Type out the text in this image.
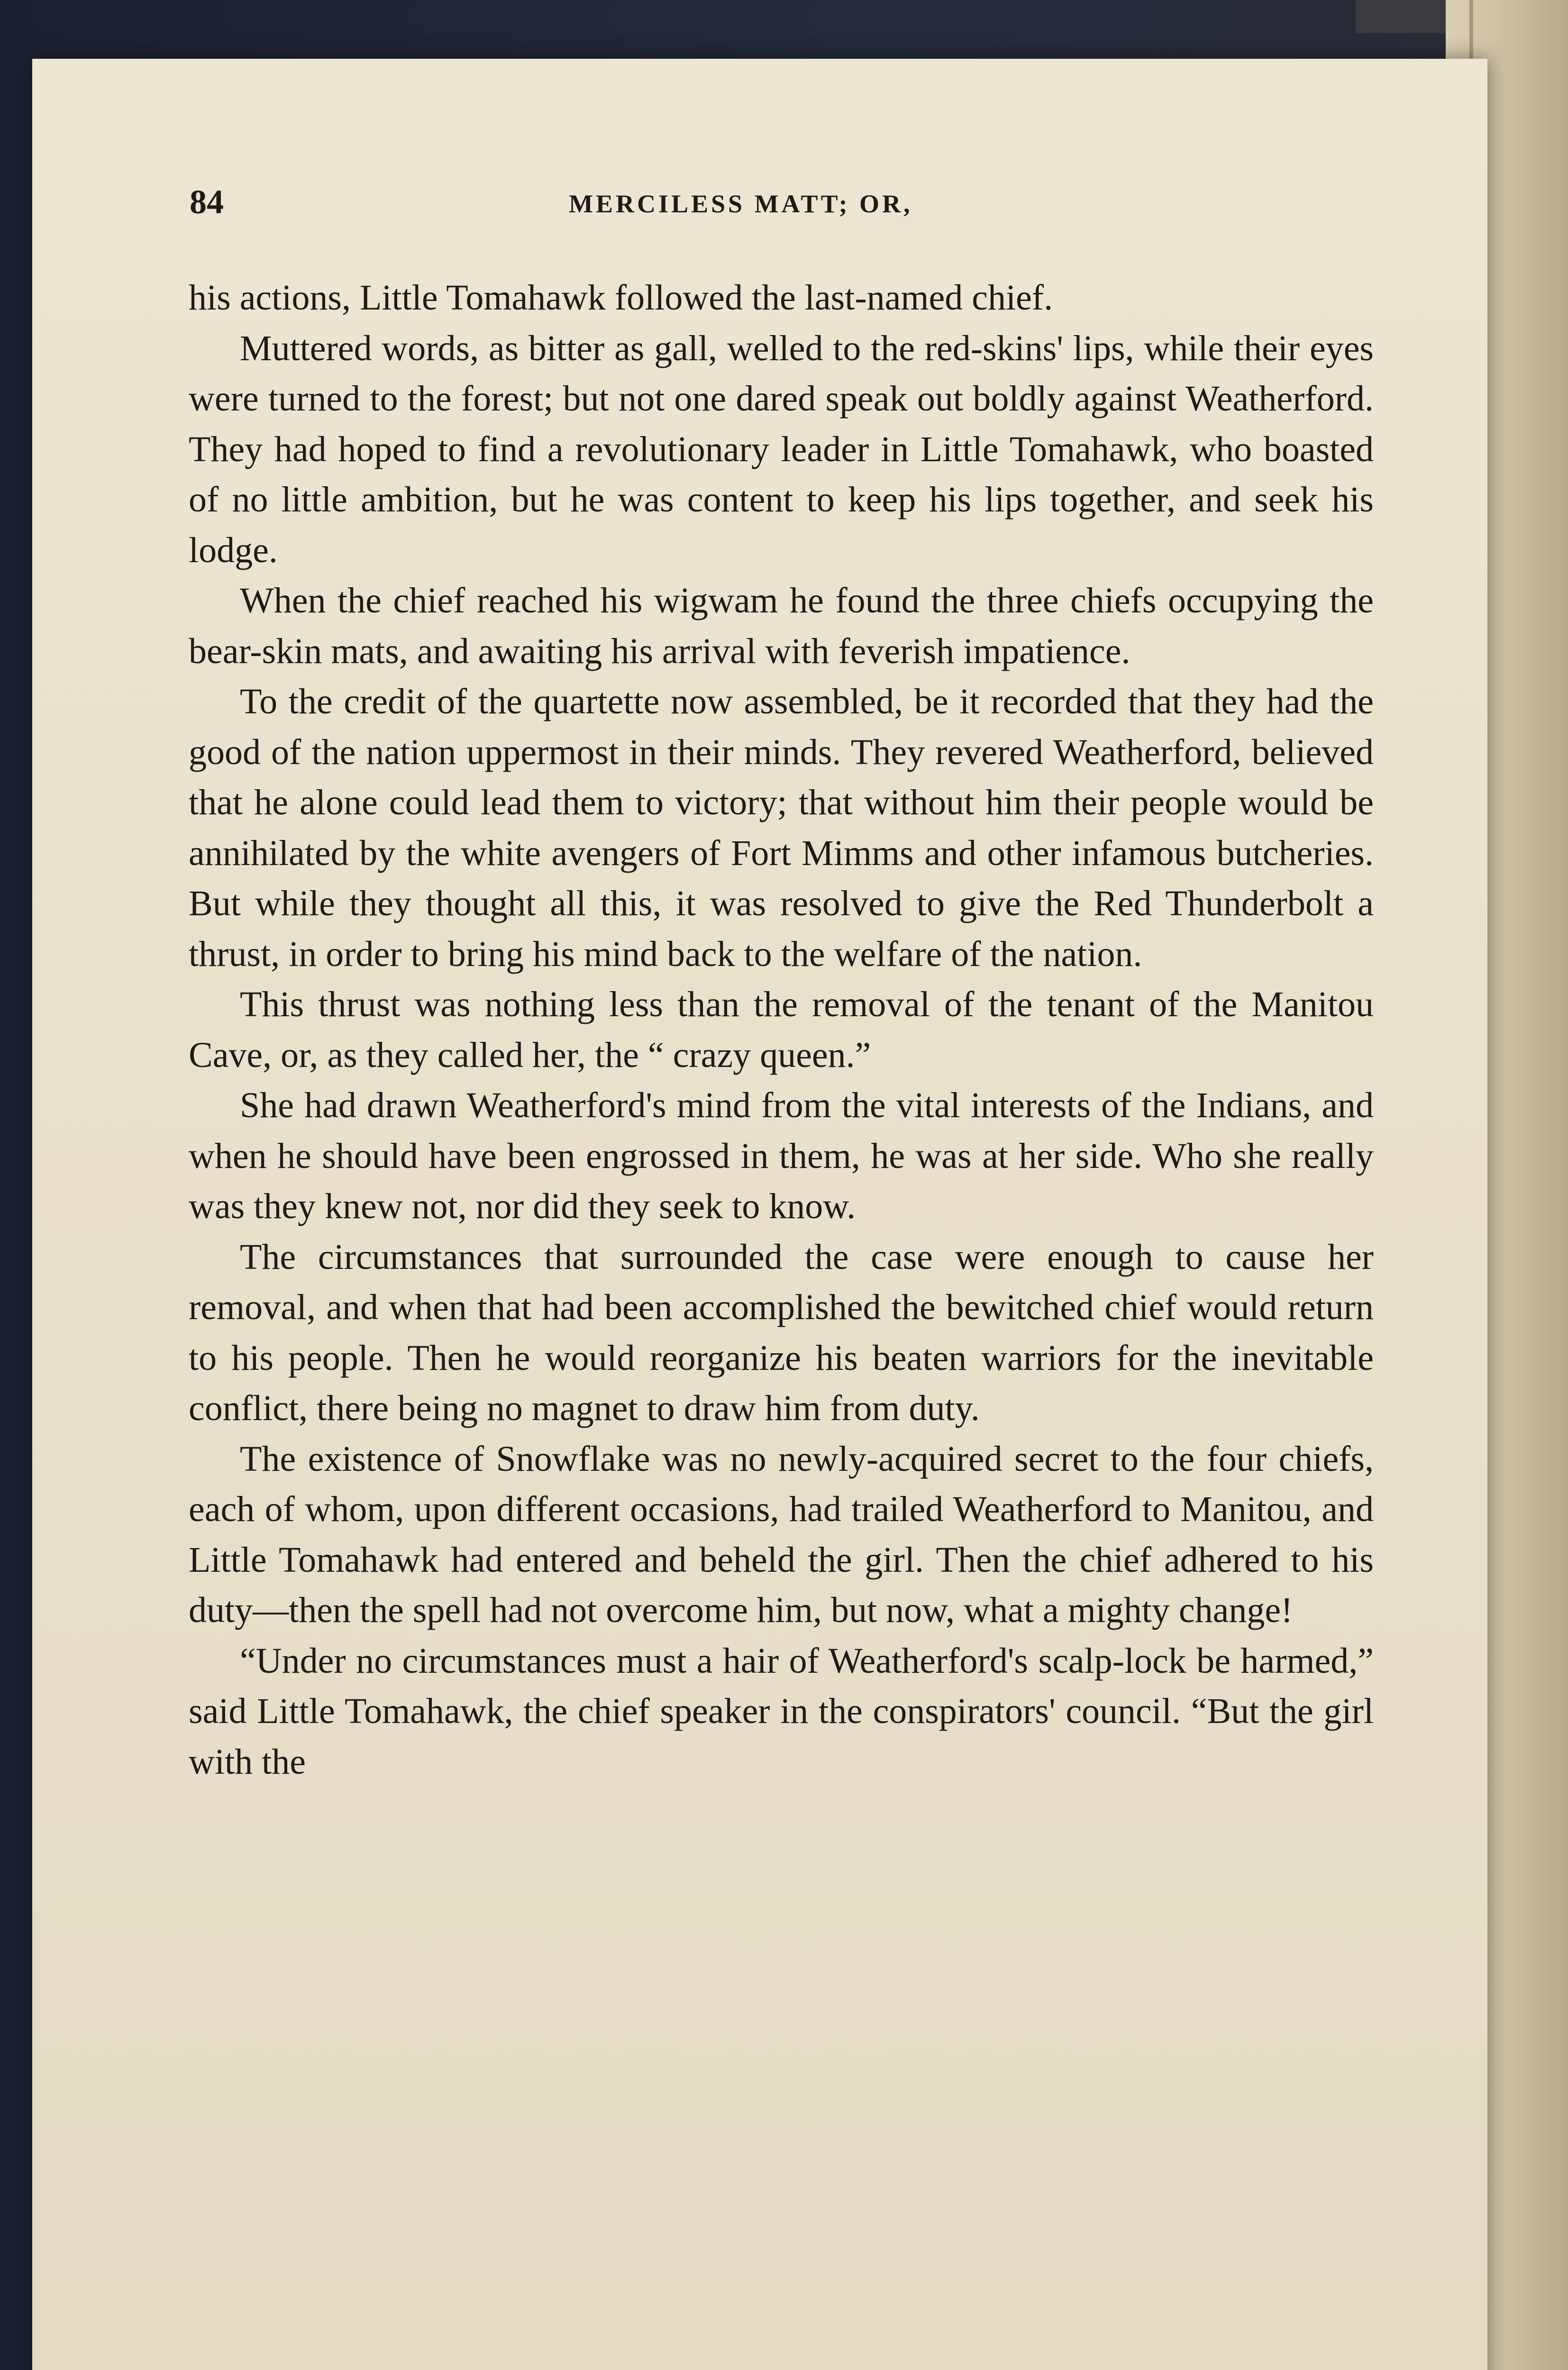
84	MERCILESS MATT; OR,

his actions, Little Tomahawk followed the last-named chief.

Muttered words, as bitter as gall, welled to the red-skins' lips, while their eyes were turned to the forest; but not one dared speak out boldly against Weatherford. They had hoped to find a revolutionary leader in Little Tomahawk, who boasted of no little ambition, but he was content to keep his lips together, and seek his lodge.

When the chief reached his wigwam he found the three chiefs occupying the bear-skin mats, and awaiting his arrival with feverish impatience.

To the credit of the quartette now assembled, be it recorded that they had the good of the nation uppermost in their minds. They revered Weatherford, believed that he alone could lead them to victory; that without him their people would be annihilated by the white avengers of Fort Mimms and other infamous butcheries. But while they thought all this, it was resolved to give the Red Thunderbolt a thrust, in order to bring his mind back to the welfare of the nation.

This thrust was nothing less than the removal of the tenant of the Manitou Cave, or, as they called her, the “ crazy queen.”

She had drawn Weatherford's mind from the vital interests of the Indians, and when he should have been engrossed in them, he was at her side. Who she really was they knew not, nor did they seek to know.

The circumstances that surrounded the case were enough to cause her removal, and when that had been accomplished the bewitched chief would return to his people. Then he would reorganize his beaten warriors for the inevitable conflict, there being no magnet to draw him from duty.

The existence of Snowflake was no newly-acquired secret to the four chiefs, each of whom, upon different occasions, had trailed Weatherford to Manitou, and Little Tomahawk had entered and beheld the girl. Then the chief adhered to his duty—then the spell had not overcome him, but now, what a mighty change!

“Under no circumstances must a hair of Weatherford's scalp-lock be harmed,” said Little Tomahawk, the chief speaker in the conspirators' council. “But the girl with the
